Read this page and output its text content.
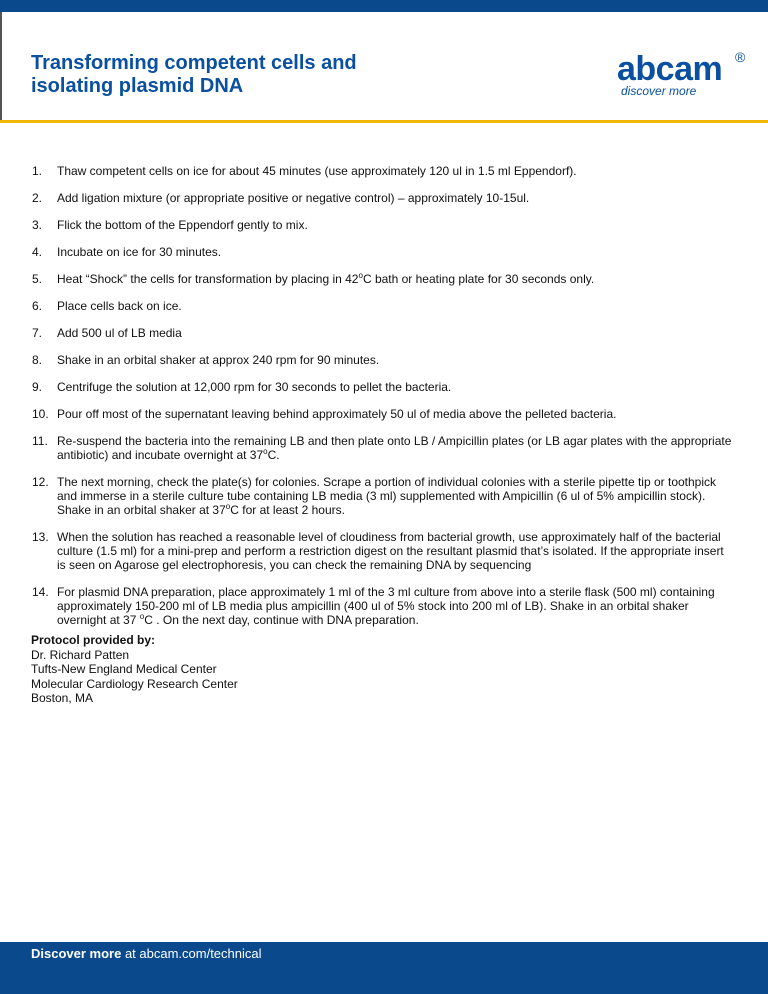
Transforming competent cells and
isolating plasmid DNA	abcam ®
discover more
1.	Thaw competent cells on ice for about 45 minutes (use approximately 120 ul in 1.5 ml Eppendorf).
2.	Add ligation mixture (or appropriate positive or negative control) – approximately 10-15ul.
3.	Flick the bottom of the Eppendorf gently to mix.
4.	Incubate on ice for 30 minutes.
5.	Heat “Shock” the cells for transformation by placing in 42$^o$C bath or heating plate for 30 seconds only.
6.	Place cells back on ice.
7.	Add 500 ul of LB media
8.	Shake in an orbital shaker at approx 240 rpm for 90 minutes.
9.	Centrifuge the solution at 12,000 rpm for 30 seconds to pellet the bacteria.
10. Pour off most of the supernatant leaving behind approximately 50 ul of media above the pelleted bacteria.
11. Re-suspend the bacteria into the remaining LB and then plate onto LB / Ampicillin plates (or LB agar plates with the appropriate antibiotic) and incubate overnight at 37$^o$C.
12. The next morning, check the plate(s) for colonies. Scrape a portion of individual colonies with a sterile pipette tip or toothpick and immerse in a sterile culture tube containing LB media (3 ml) supplemented with Ampicillin (6 ul of 5% ampicillin stock). Shake in an orbital shaker at 37$^o$C for at least 2 hours.
13. When the solution has reached a reasonable level of cloudiness from bacterial growth, use approximately half of the bacterial culture (1.5 ml) for a mini-prep and perform a restriction digest on the resultant plasmid that’s isolated. If the appropriate insert is seen on Agarose gel electrophoresis, you can check the remaining DNA by sequencing
14. For plasmid DNA preparation, place approximately 1 ml of the 3 ml culture from above into a sterile flask (500 ml) containing approximately 150-200 ml of LB media plus ampicillin (400 ul of 5% stock into 200 ml of LB). Shake in an orbital shaker overnight at 37 $^o$C . On the next day, continue with DNA preparation.
Protocol provided by:
Dr. Richard Patten
Tufts-New England Medical Center
Molecular Cardiology Research Center
Boston, MA
Discover more at abcam.com/technical
